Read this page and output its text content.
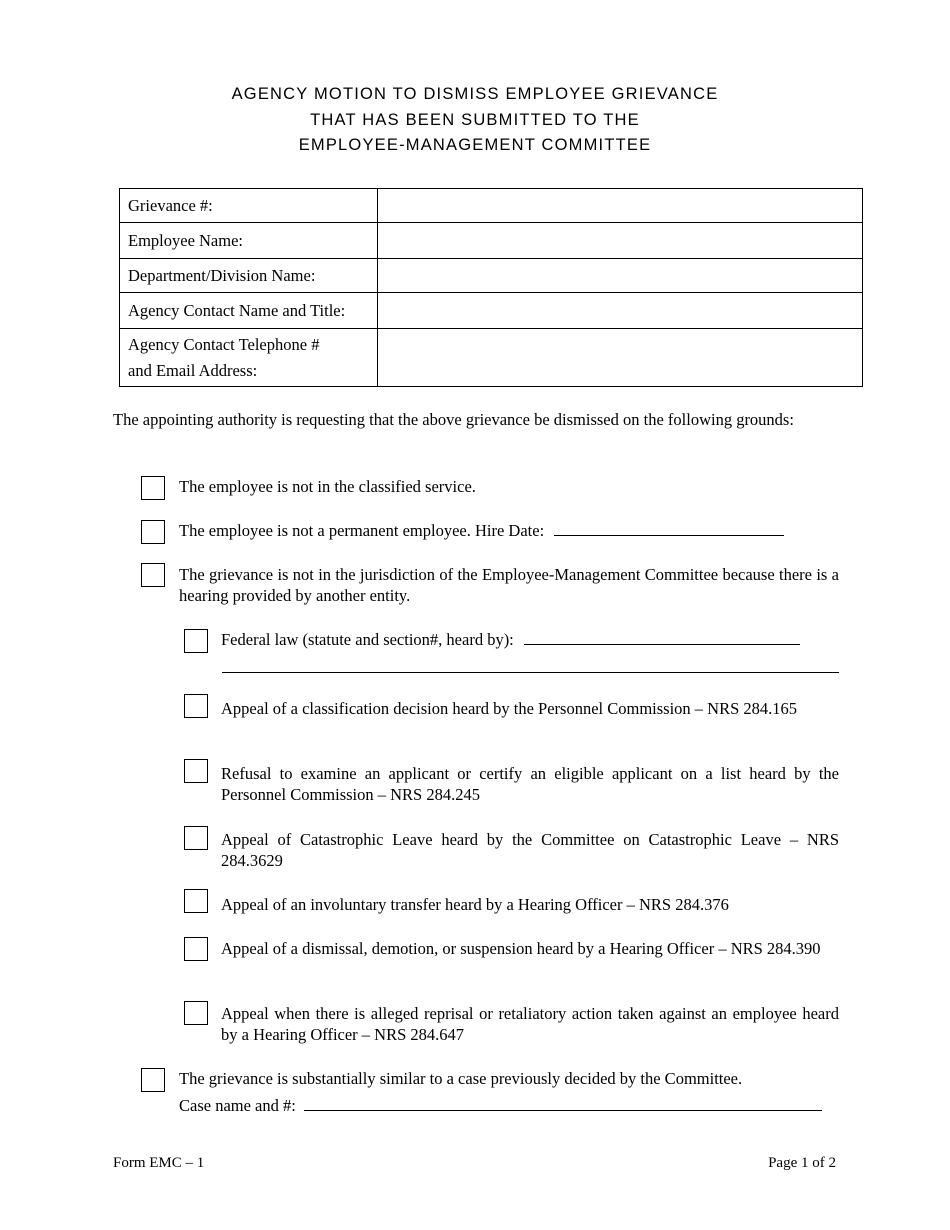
AGENCY MOTION TO DISMISS EMPLOYEE GRIEVANCE
THAT HAS BEEN SUBMITTED TO THE
EMPLOYEE-MANAGEMENT COMMITTEE
Grievance #:	
Employee Name:	
Department/Division Name:	
Agency Contact Name and Title:	

Agency Contact Telephone #
and Email Address:	

The appointing authority is requesting that the above grievance be dismissed on the following grounds:
The employee is not in the classified service.
The employee is not a permanent employee. Hire Date:
The grievance is not in the jurisdiction of the Employee-Management Committee because there is a hearing provided by another entity.
Federal law (statute and section#, heard by):
Appeal of a classification decision heard by the Personnel Commission – NRS 284.165
Refusal to examine an applicant or certify an eligible applicant on a list heard by the Personnel Commission – NRS 284.245
Appeal of Catastrophic Leave heard by the Committee on Catastrophic Leave – NRS 284.3629
Appeal of an involuntary transfer heard by a Hearing Officer – NRS 284.376
Appeal of a dismissal, demotion, or suspension heard by a Hearing Officer – NRS 284.390
Appeal when there is alleged reprisal or retaliatory action taken against an employee heard by a Hearing Officer – NRS 284.647
The grievance is substantially similar to a case previously decided by the Committee.
Case name and #:
Form EMC – 1	Page 1 of 2
